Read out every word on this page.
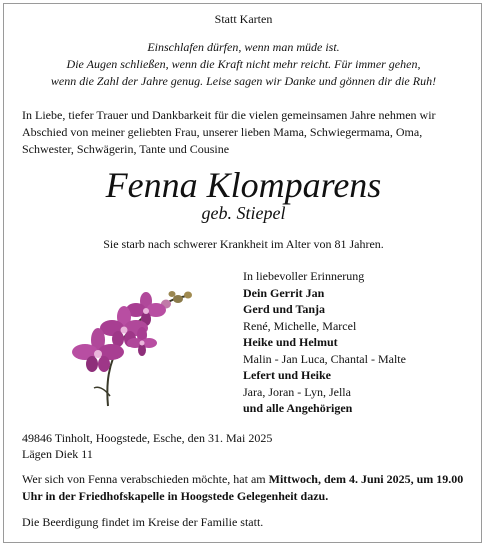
Statt Karten
Einschlafen dürfen, wenn man müde ist.
Die Augen schließen, wenn die Kraft nicht mehr reicht. Für immer gehen,
wenn die Zahl der Jahre genug. Leise sagen wir Danke und gönnen dir die Ruh!
In Liebe, tiefer Trauer und Dankbarkeit für die vielen gemeinsamen Jahre nehmen wir Abschied von meiner geliebten Frau, unserer lieben Mama, Schwiegermama, Oma, Schwester, Schwägerin, Tante und Cousine
Fenna Klomparens
geb. Stiepel
Sie starb nach schwerer Krankheit im Alter von 81 Jahren.
In liebevoller Erinnerung
Dein Gerrit Jan
Gerd und Tanja
René, Michelle, Marcel
Heike und Helmut
Malin - Jan Luca, Chantal - Malte
Lefert und Heike
Jara, Joran - Lyn, Jella
und alle Angehörigen
49846 Tinholt, Hoogstede, Esche, den 31. Mai 2025
Lägen Diek 11
Wer sich von Fenna verabschieden möchte, hat am Mittwoch, dem 4. Juni 2025, um 19.00 Uhr in der Friedhofskapelle in Hoogstede Gelegenheit dazu.
Die Beerdigung findet im Kreise der Familie statt.
